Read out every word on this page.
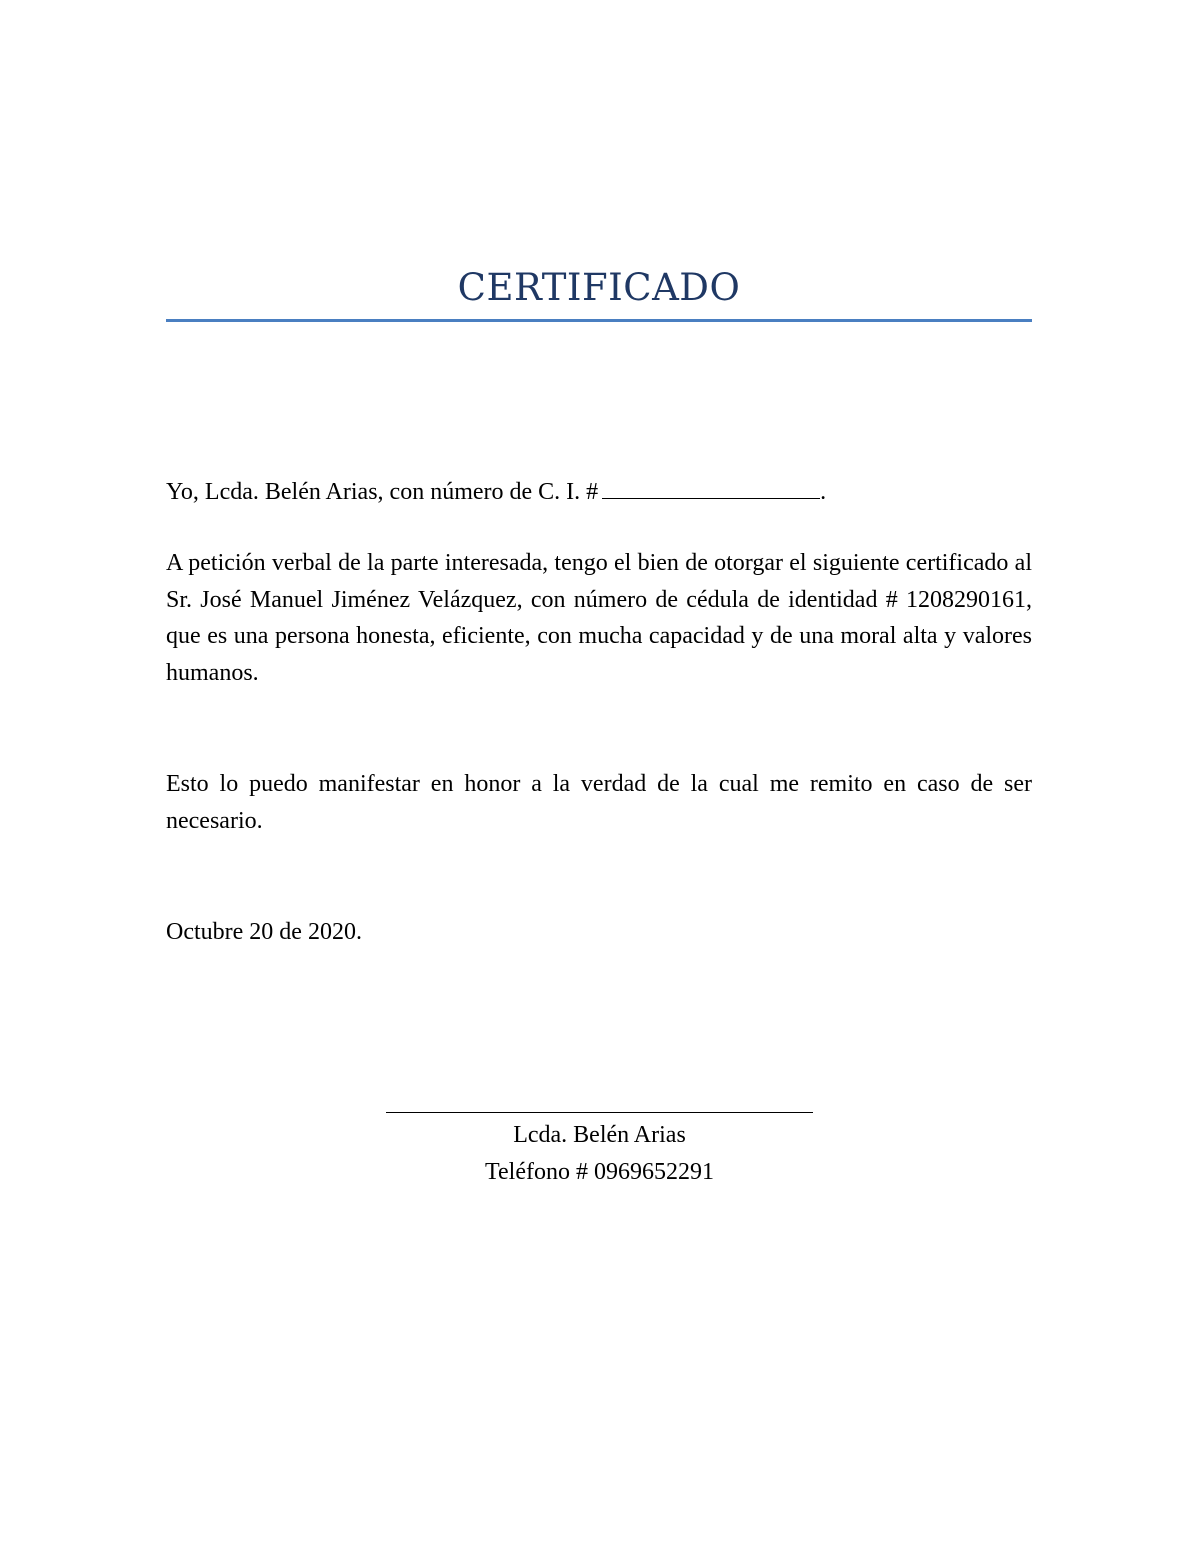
CERTIFICADO
Yo, Lcda. Belén Arias, con número de C. I. #	.
A petición verbal de la parte interesada, tengo el bien de otorgar el siguiente certificado al Sr. José Manuel Jiménez Velázquez, con número de cédula de identidad # 1208290161, que es una persona honesta, eficiente, con mucha capacidad y de una moral alta y valores humanos.
Esto lo puedo manifestar en honor a la verdad de la cual me remito en caso de ser necesario.
Octubre 20 de 2020.
Lcda. Belén Arias
Teléfono # 0969652291
